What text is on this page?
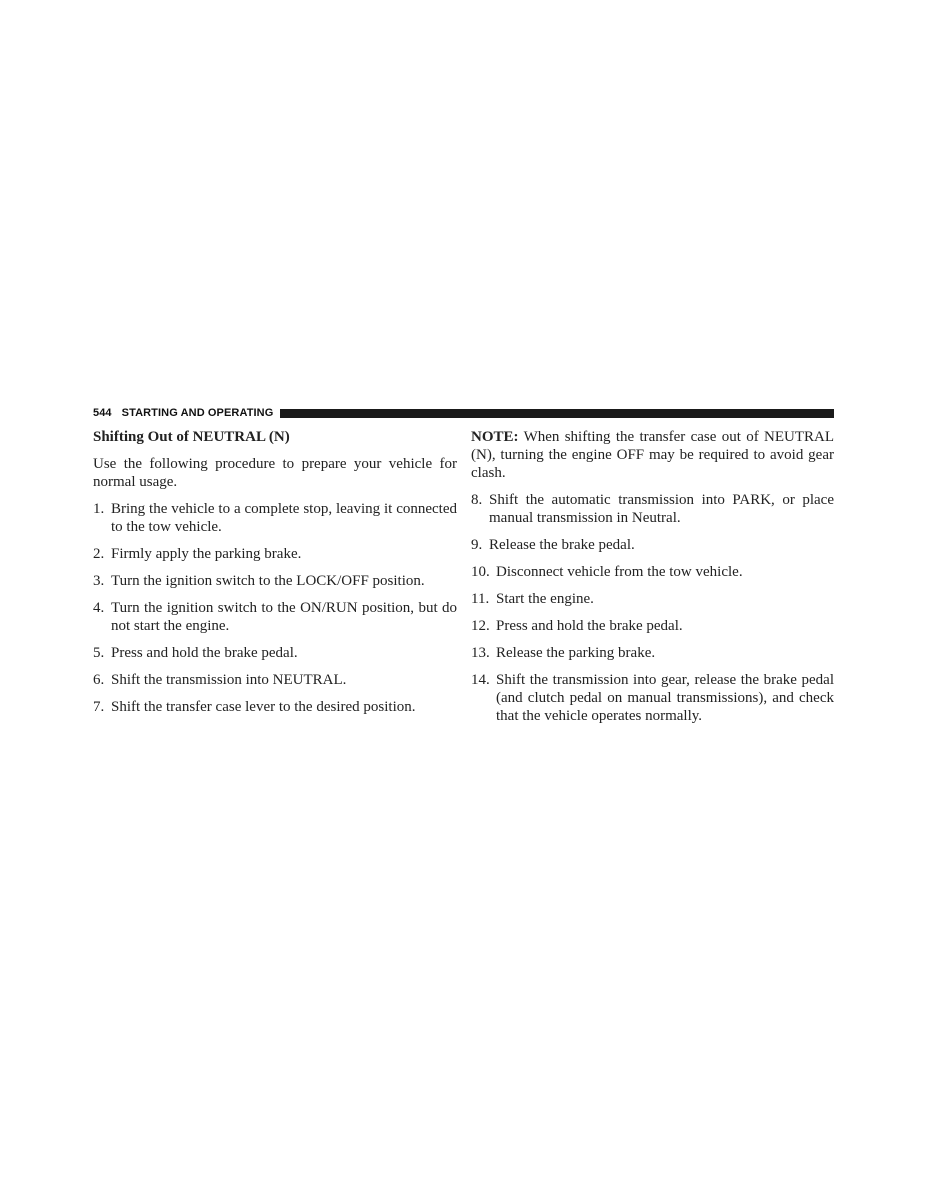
544 STARTING AND OPERATING
Shifting Out of NEUTRAL (N)

Use the following procedure to prepare your vehicle for normal usage.

1. Bring the vehicle to a complete stop, leaving it connected to the tow vehicle.
2. Firmly apply the parking brake.
3. Turn the ignition switch to the LOCK/OFF position.
4. Turn the ignition switch to the ON/RUN position, but do not start the engine.
5. Press and hold the brake pedal.
6. Shift the transmission into NEUTRAL.
7. Shift the transfer case lever to the desired position.

NOTE: When shifting the transfer case out of NEUTRAL (N), turning the engine OFF may be required to avoid gear clash.

8. Shift the automatic transmission into PARK, or place manual transmission in Neutral.
9. Release the brake pedal.
10. Disconnect vehicle from the tow vehicle.
11. Start the engine.
12. Press and hold the brake pedal.
13. Release the parking brake.
14. Shift the transmission into gear, release the brake pedal (and clutch pedal on manual transmissions), and check that the vehicle operates normally.
